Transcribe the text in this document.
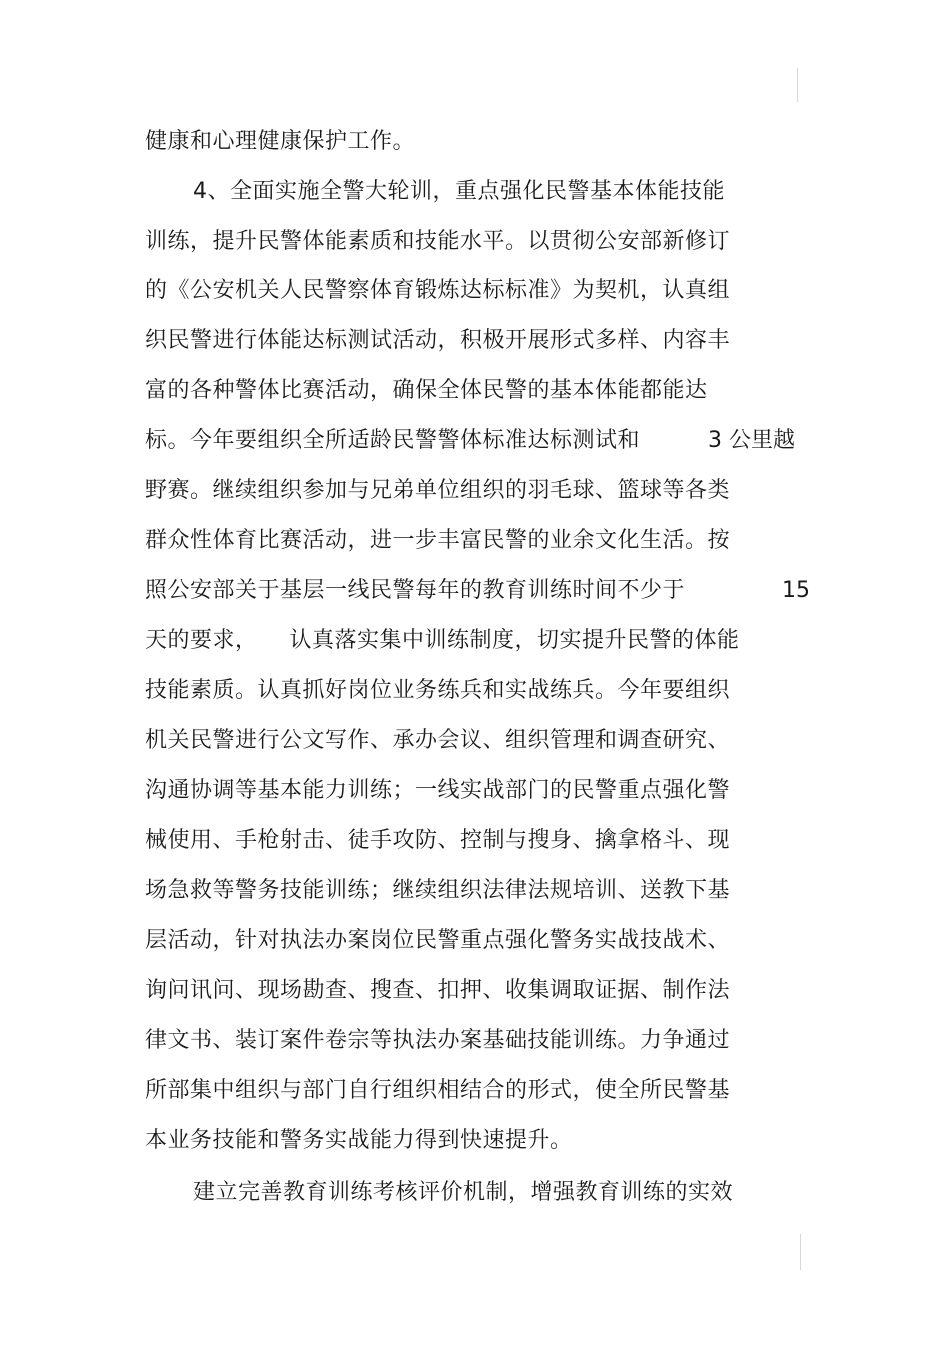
健康和心理健康保护工作。
4、全面实施全警大轮训，重点强化民警基本体能技能
训练，提升民警体能素质和技能水平。以贯彻公安部新修订
的《公安机关人民警察体育锻炼达标标准》为契机，认真组
织民警进行体能达标测试活动，积极开展形式多样、内容丰
富的各种警体比赛活动，确保全体民警的基本体能都能达
标。今年要组织全所适龄民警警体标准达标测试和	3 公里越
野赛。继续组织参加与兄弟单位组织的羽毛球、篮球等各类
群众性体育比赛活动，进一步丰富民警的业余文化生活。按
照公安部关于基层一线民警每年的教育训练时间不少于	15
天的要求， 认真落实集中训练制度，切实提升民警的体能
技能素质。认真抓好岗位业务练兵和实战练兵。今年要组织
机关民警进行公文写作、承办会议、组织管理和调查研究、
沟通协调等基本能力训练；一线实战部门的民警重点强化警
械使用、手枪射击、徒手攻防、控制与搜身、擒拿格斗、现
场急救等警务技能训练；继续组织法律法规培训、送教下基
层活动，针对执法办案岗位民警重点强化警务实战技战术、
询问讯问、现场勘查、搜查、扣押、收集调取证据、制作法
律文书、装订案件卷宗等执法办案基础技能训练。力争通过
所部集中组织与部门自行组织相结合的形式，使全所民警基
本业务技能和警务实战能力得到快速提升。
建立完善教育训练考核评价机制，增强教育训练的实效
